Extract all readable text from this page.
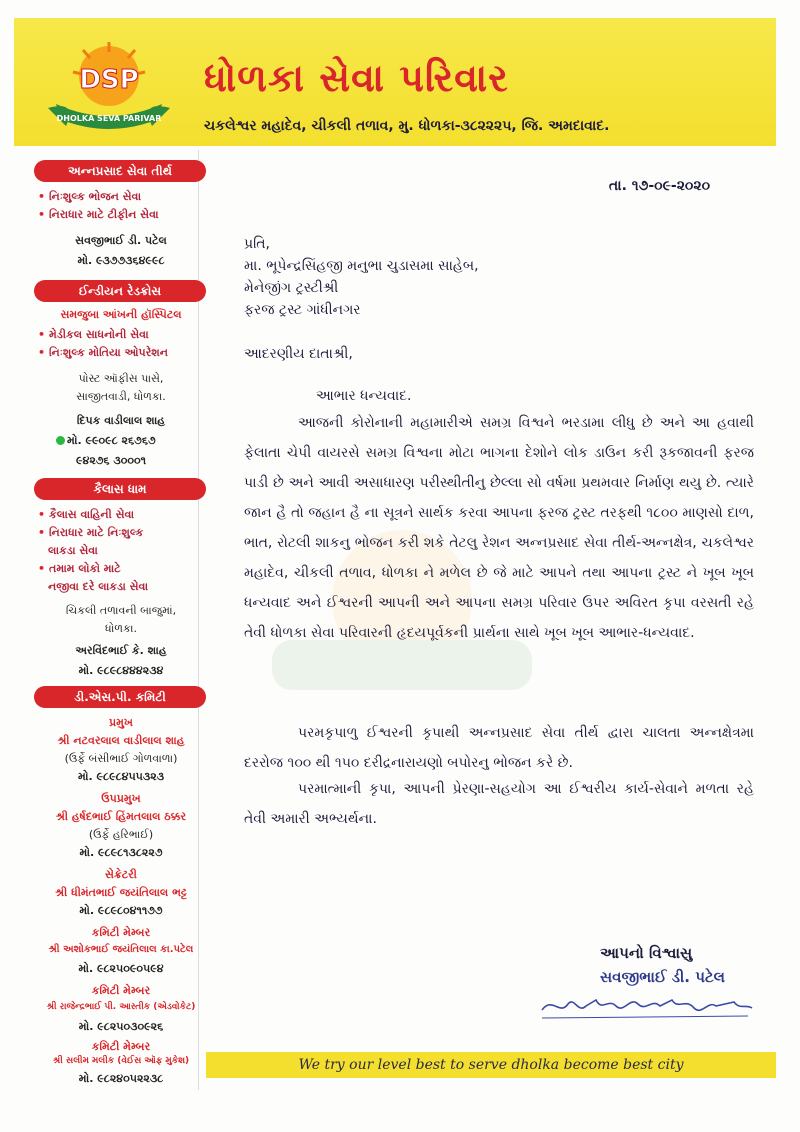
DSP
DHOLKA SEVA PARIVAR
ધોળકા સેવા પરિવાર
ચકલેશ્વર મહાદેવ, ચીકલી તળાવ, મુ. ધોળકા-૩૮૨૨૨૫, જિ. અમદાવાદ.
અન્નપ્રસાદ સેવા તીર્થ
• નિઃશુલ્ક ભોજન સેવા
• નિરાધાર માટે ટીફીન સેવા
સવજીભાઈ ડી. પટેલ
મો. ૯૩૭૭૩૬૪૯૯૮
ઈન્ડીયન રેડક્રોસ
સમજુબા આંખની હૉસ્પિટલ
• મેડીકલ સાધનોની સેવા
• નિઃશુલ્ક મોતિયા ઓપરેશન
પોસ્ટ ઑફીસ પાસે,
સાજીતવાડી, ધોળકા.
દિપક વાડીલાલ શાહ
મો. ૯૯૦૯૮ ૨૬૭૬૭
૯૪૨૭૬ ૩૦૦૦૧
કૈલાસ ધામ
• કૈલાસ વાહિની સેવા
• નિરાધાર માટે નિઃશુલ્ક
લાકડા સેવા
• તમામ લોકો માટે
નજીવા દરે લાકડા સેવા
ચિકલી તળાવની બાજુમાં,
ધોળકા.
અરવિંદભાઈ કે. શાહ
મો. ૯૮૯૮૪૪૪૨૩૪
ડી.એસ.પી. કમિટી
પ્રમુખ
શ્રી નટવરલાલ વાડીલાલ શાહ
(ઉર્ફે બંસીભાઈ ગોળવાળા)
મો. ૯૮૯૮૪૫૫૩૨૩
ઉપપ્રમુખ
શ્રી હર્ષદભાઈ હિંમતલાલ ઠક્કર
(ઉર્ફે હરિભાઈ)
મો. ૯૮૯૮૧૩૮૨૨૭
સેક્રેટરી
શ્રી ધીમંતભાઈ જયંતિલાલ ભટ્ટ
મો. ૯૮૯૮૦૪૧૧૭૭
કમિટી મેમ્બર
શ્રી અશોકભાઈ જયંતિલાલ કા.પટેલ
મો. ૯૮૨૫૦૯૦૫૯૪
કમિટી મેમ્બર
શ્રી રાજેન્દ્રભાઈ પી. આસ્તીક (એડવોકેટ)
મો. ૯૮૨૫૦૩૦૯૨૬
કમિટી મેમ્બર
શ્રી સલીમ મલીક (વેઈસ ઑફ મુકેશ)
મો. ૯૮૨૪૦૫૨૨૩૮
તા. ૧૭-૦૯-૨૦૨૦
પ્રતિ,
મા. ભૂપેન્દ્રસિંહજી મનુભા ચુડાસમા સાહેબ,
મેનેજીંગ ટ્રસ્ટીશ્રી
ફરજ ટ્રસ્ટ ગાંધીનગર
આદરણીય દાતાશ્રી,
આભાર ધન્યવાદ.
આજની કોરોનાની મહામારીએ સમગ્ર વિશ્વને ભરડામા લીધુ છે અને આ હવાથી ફેલાતા ચેપી વાયરસે સમગ્ર વિશ્વના મોટા ભાગના દેશોને લોક ડાઉન કરી રૂકજાવની ફરજ પાડી છે અને આવી અસાધારણ પરીસ્થીતીનુ છેલ્લા સો વર્ષમા પ્રથમવાર નિર્માણ થયુ છે. ત્યારે જાન હૈ તો જહાન હૈ ના સૂત્રને સાર્થક કરવા આપના ફરજ ટ્રસ્ટ તરફથી ૧૮૦૦ માણસો દાળ, ભાત, રોટલી શાકનુ ભોજન કરી શકે તેટલુ રેશન અન્નપ્રસાદ સેવા તીર્થ-અન્નક્ષેત્ર, ચકલેશ્વર મહાદેવ, ચીકલી તળાવ, ધોળકા ને મળેલ છે જે માટે આપને તથા આપના ટ્રસ્ટ ને ખૂબ ખૂબ ધન્યવાદ અને ઈશ્વરની આપની અને આપના સમગ્ર પરિવાર ઉપર અવિરત કૃપા વરસતી રહે તેવી ધોળકા સેવા પરિવારની હૃદયપૂર્વકની પ્રાર્થના સાથે ખૂબ ખૂબ આભાર-ધન્યવાદ.
પરમકૃપાળુ ઈશ્વરની કૃપાથી અન્નપ્રસાદ સેવા તીર્થ દ્વારા ચાલતા અન્નક્ષેત્રમા દરરોજ ૧૦૦ થી ૧૫૦ દરીદ્રનારાયણો બપોરનુ ભોજન કરે છે.
પરમાત્માની કૃપા, આપની પ્રેરણા-સહયોગ આ ઈશ્વરીય કાર્ય-સેવાને મળતા રહે તેવી અમારી અભ્યર્થના.
આપનો વિશ્વાસુ
સવજીભાઈ ડી. પટેલ
We try our level best to serve dholka become best city
